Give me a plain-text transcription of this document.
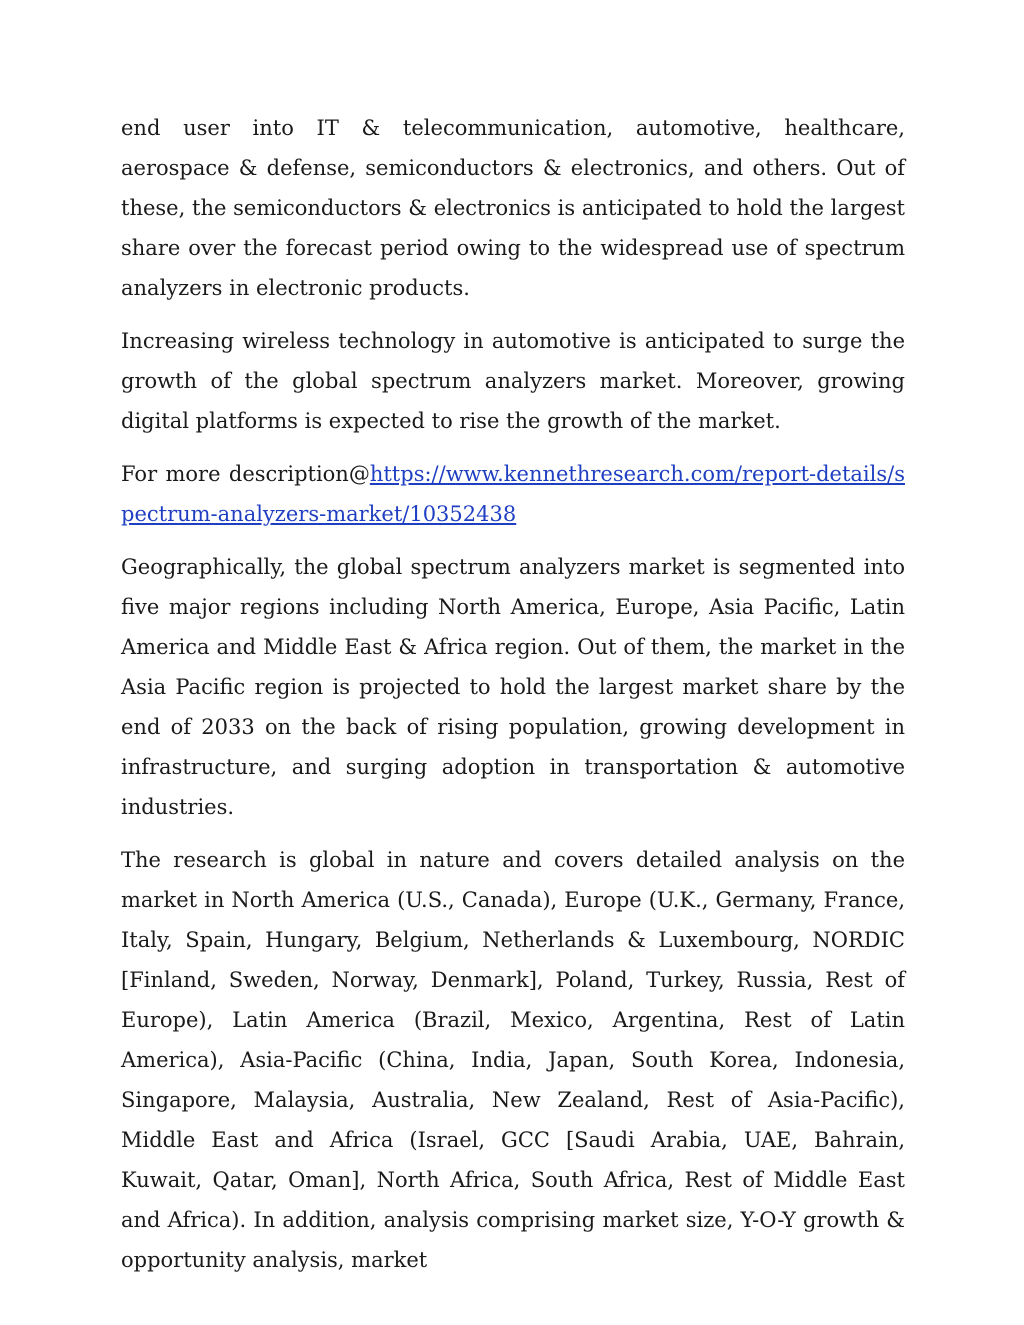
end user into IT & telecommunication, automotive, healthcare, aerospace & defense, semiconductors & electronics, and others. Out of these, the semiconductors & electronics is anticipated to hold the largest share over the forecast period owing to the widespread use of spectrum analyzers in electronic products.

Increasing wireless technology in automotive is anticipated to surge the growth of the global spectrum analyzers market. Moreover, growing digital platforms is expected to rise the growth of the market.

For more description@https://www.kennethresearch.com/report-details/spectrum-analyzers-market/10352438

Geographically, the global spectrum analyzers market is segmented into five major regions including North America, Europe, Asia Pacific, Latin America and Middle East & Africa region. Out of them, the market in the Asia Pacific region is projected to hold the largest market share by the end of 2033 on the back of rising population, growing development in infrastructure, and surging adoption in transportation & automotive industries.

The research is global in nature and covers detailed analysis on the market in North America (U.S., Canada), Europe (U.K., Germany, France, Italy, Spain, Hungary, Belgium, Netherlands & Luxembourg, NORDIC [Finland, Sweden, Norway, Denmark], Poland, Turkey, Russia, Rest of Europe), Latin America (Brazil, Mexico, Argentina, Rest of Latin America), Asia-Pacific (China, India, Japan, South Korea, Indonesia, Singapore, Malaysia, Australia, New Zealand, Rest of Asia-Pacific), Middle East and Africa (Israel, GCC [Saudi Arabia, UAE, Bahrain, Kuwait, Qatar, Oman], North Africa, South Africa, Rest of Middle East and Africa). In addition, analysis comprising market size, Y-O-Y growth & opportunity analysis, market
